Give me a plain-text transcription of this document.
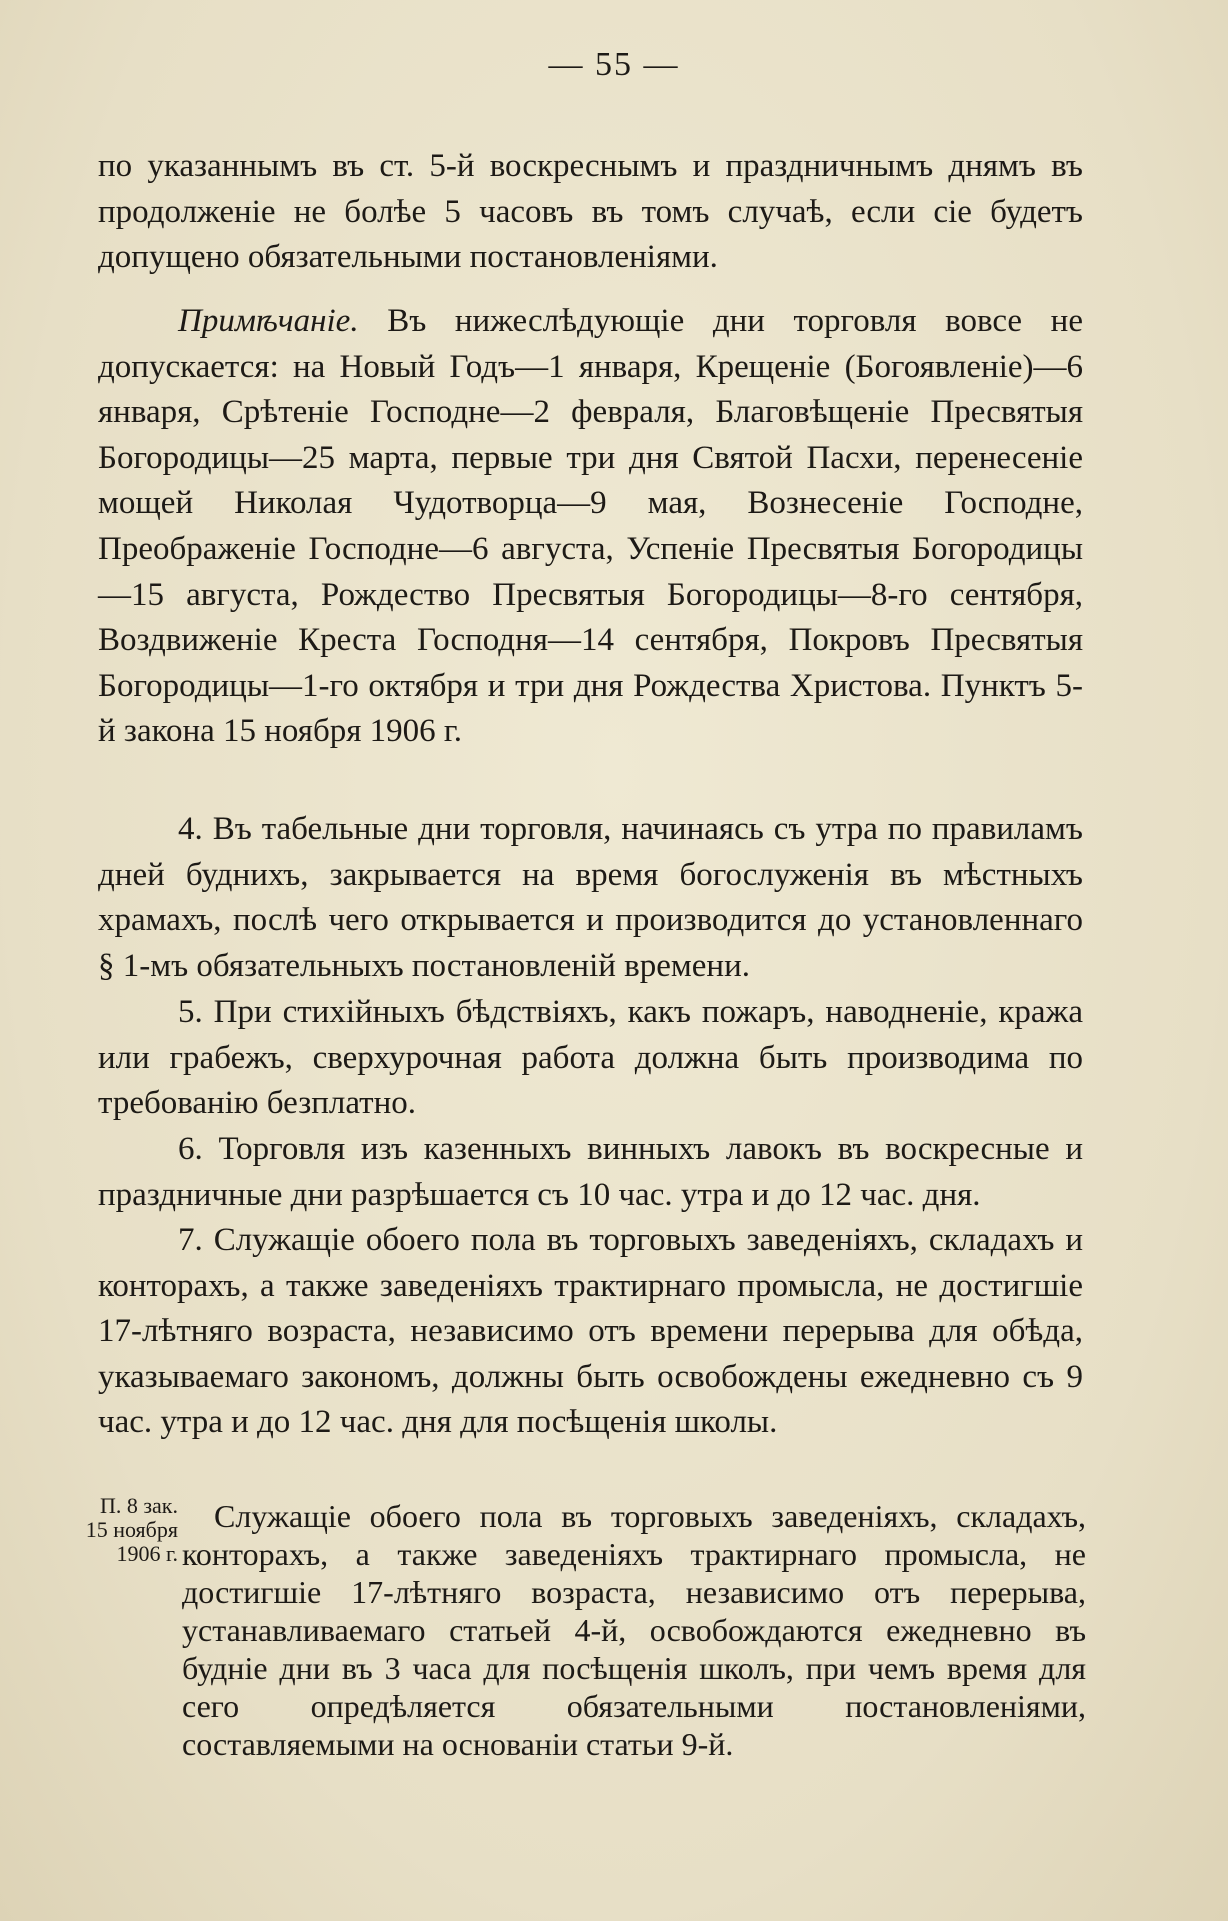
— 55 —

по указаннымъ въ ст. 5-й воскреснымъ и праздничнымъ днямъ въ продолженіе не болѣе 5 часовъ въ томъ случаѣ, если сіе будетъ допущено обязательными постановленіями.

Примѣчаніе. Въ нижеслѣдующіе дни торговля вовсе не допускается: на Новый Годъ—1 января, Крещеніе (Богоявленіе)—6 января, Срѣтеніе Господне—2 февраля, Благовѣщеніе Пресвятыя Богородицы—25 марта, первые три дня Святой Пасхи, перенесеніе мощей Николая Чудотворца—9 мая, Вознесеніе Господне, Преображеніе Господне—6 августа, Успеніе Пресвятыя Богородицы—15 августа, Рождество Пресвятыя Богородицы—8-го сентября, Воздвиженіе Креста Господня—14 сентября, Покровъ Пресвятыя Богородицы—1-го октября и три дня Рождества Христова. Пунктъ 5-й закона 15 ноября 1906 г.

4. Въ табельные дни торговля, начинаясь съ утра по правиламъ дней буднихъ, закрывается на время богослуженія въ мѣстныхъ храмахъ, послѣ чего открывается и производится до установленнаго § 1-мъ обязательныхъ постановленій времени.

5. При стихійныхъ бѣдствіяхъ, какъ пожаръ, наводненіе, кража или грабежъ, сверхурочная работа должна быть производима по требованію безплатно.

6. Торговля изъ казенныхъ винныхъ лавокъ въ воскресные и праздничные дни разрѣшается съ 10 час. утра и до 12 час. дня.

7. Служащіе обоего пола въ торговыхъ заведеніяхъ, складахъ и конторахъ, а также заведеніяхъ трактирнаго промысла, не достигшіе 17-лѣтняго возраста, независимо отъ времени перерыва для обѣда, указываемаго закономъ, должны быть освобождены ежедневно съ 9 час. утра и до 12 час. дня для посѣщенія школы.

П. 8 зак.
15 ноября
1906 г.

Служащіе обоего пола въ торговыхъ заведеніяхъ, складахъ, конторахъ, а также заведеніяхъ трактирнаго промысла, не достигшіе 17-лѣтняго возраста, независимо отъ перерыва, устанавливаемаго статьей 4-й, освобождаются ежедневно въ будніе дни въ 3 часа для посѣщенія школъ, при чемъ время для сего опредѣляется обязательными постановленіями, составляемыми на основаніи статьи 9-й.
